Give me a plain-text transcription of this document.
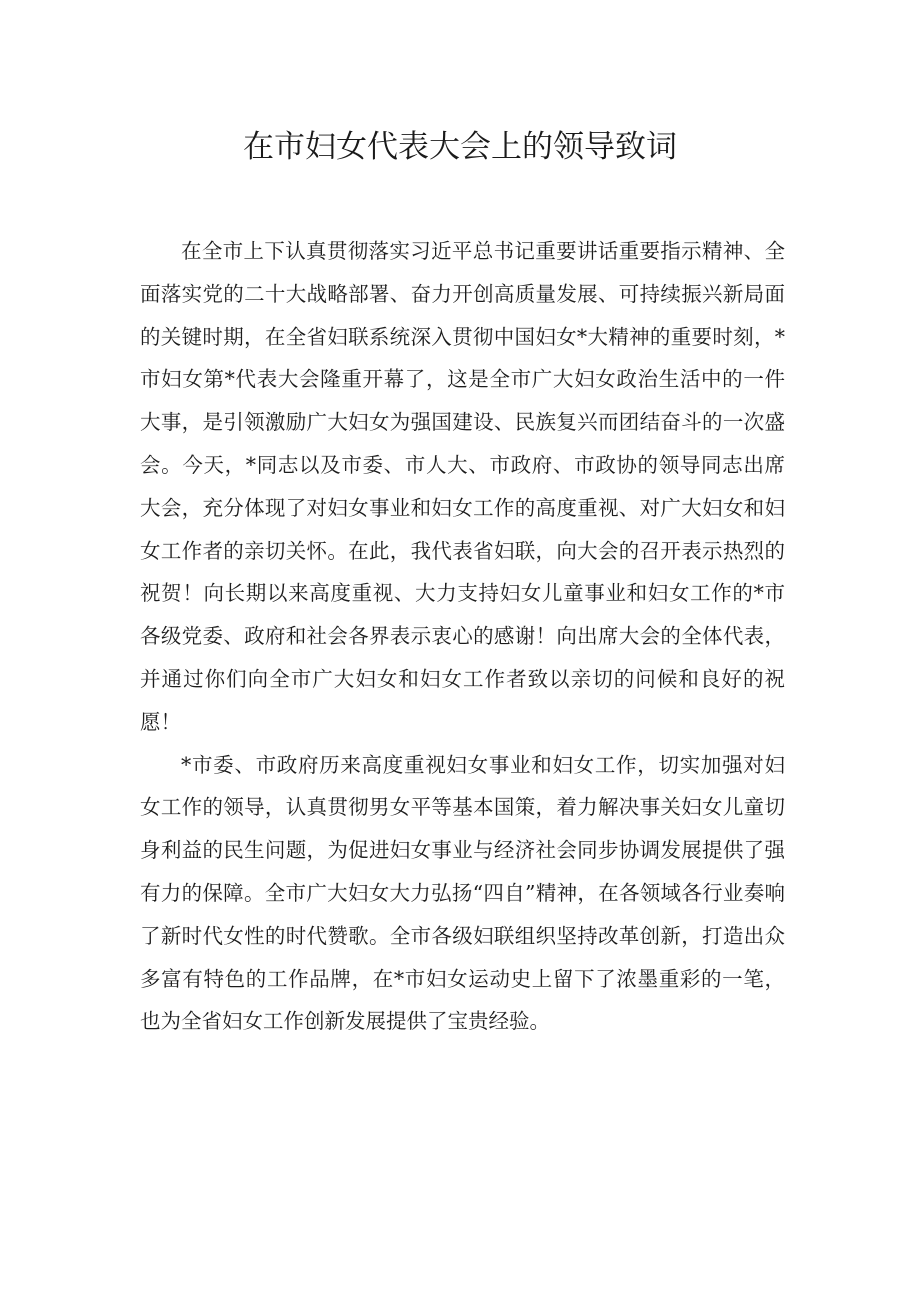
在市妇女代表大会上的领导致词

在全市上下认真贯彻落实习近平总书记重要讲话重要指示精神、全面落实党的二十大战略部署、奋力开创高质量发展、可持续振兴新局面的关键时期，在全省妇联系统深入贯彻中国妇女*大精神的重要时刻，*市妇女第*代表大会隆重开幕了，这是全市广大妇女政治生活中的一件大事，是引领激励广大妇女为强国建设、民族复兴而团结奋斗的一次盛会。今天，*同志以及市委、市人大、市政府、市政协的领导同志出席大会，充分体现了对妇女事业和妇女工作的高度重视、对广大妇女和妇女工作者的亲切关怀。在此，我代表省妇联，向大会的召开表示热烈的祝贺！向长期以来高度重视、大力支持妇女儿童事业和妇女工作的*市各级党委、政府和社会各界表示衷心的感谢！向出席大会的全体代表，并通过你们向全市广大妇女和妇女工作者致以亲切的问候和良好的祝愿！

*市委、市政府历来高度重视妇女事业和妇女工作，切实加强对妇女工作的领导，认真贯彻男女平等基本国策，着力解决事关妇女儿童切身利益的民生问题，为促进妇女事业与经济社会同步协调发展提供了强有力的保障。全市广大妇女大力弘扬“四自”精神，在各领域各行业奏响了新时代女性的时代赞歌。全市各级妇联组织坚持改革创新，打造出众多富有特色的工作品牌，在*市妇女运动史上留下了浓墨重彩的一笔，也为全省妇女工作创新发展提供了宝贵经验。
